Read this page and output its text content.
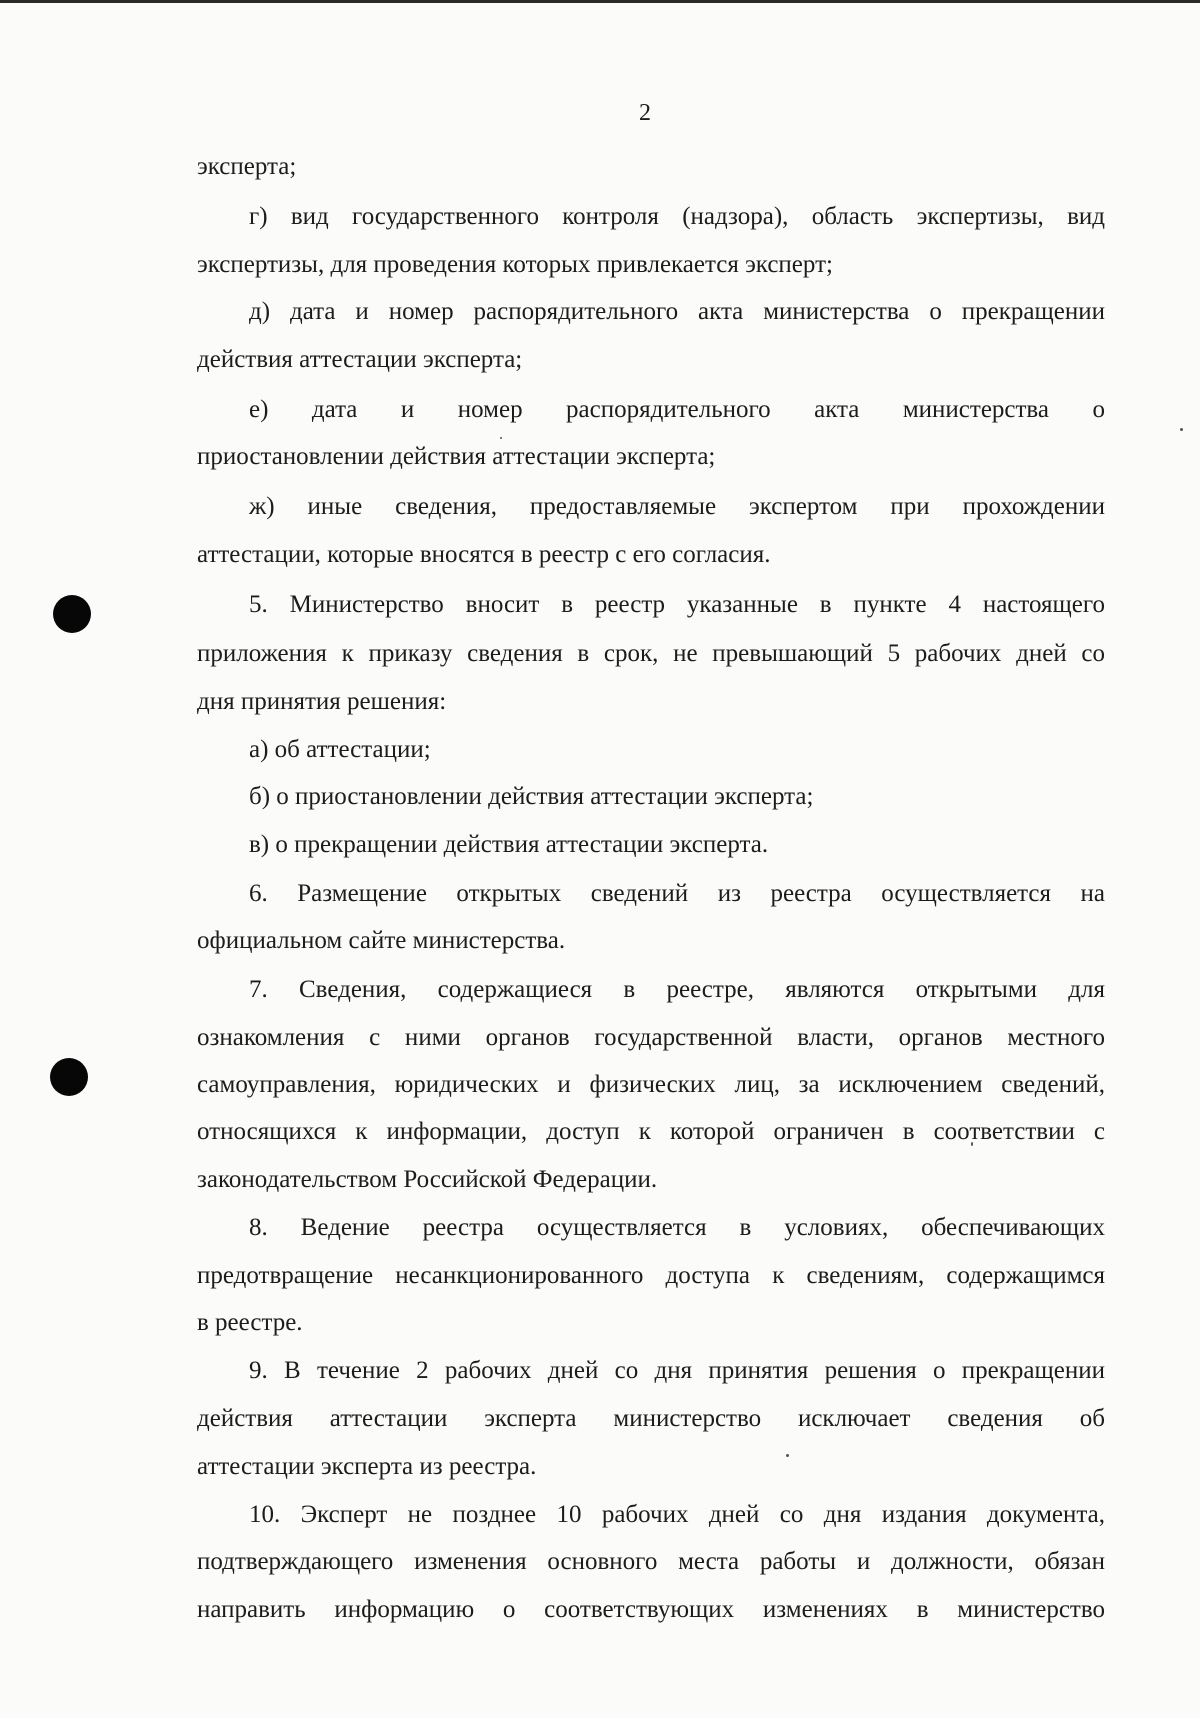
2
эксперта;
г) вид государственного контроля (надзора), область экспертизы, вид
экспертизы, для проведения которых привлекается эксперт;
д) дата и номер распорядительного акта министерства о прекращении
действия аттестации эксперта;
е) дата и номер распорядительного акта министерства о
приостановлении действия аттестации эксперта;
ж) иные сведения, предоставляемые экспертом при прохождении
аттестации, которые вносятся в реестр с его согласия.
5. Министерство вносит в реестр указанные в пункте 4 настоящего
приложения к приказу сведения в срок, не превышающий 5 рабочих дней со
дня принятия решения:
а) об аттестации;
б) о приостановлении действия аттестации эксперта;
в) о прекращении действия аттестации эксперта.
6. Размещение открытых сведений из реестра осуществляется на
официальном сайте министерства.
7. Сведения, содержащиеся в реестре, являются открытыми для
ознакомления с ними органов государственной власти, органов местного
самоуправления, юридических и физических лиц, за исключением сведений,
относящихся к информации, доступ к которой ограничен в соответствии с
законодательством Российской Федерации.
8. Ведение реестра осуществляется в условиях, обеспечивающих
предотвращение несанкционированного доступа к сведениям, содержащимся
в реестре.
9. В течение 2 рабочих дней со дня принятия решения о прекращении
действия аттестации эксперта министерство исключает сведения об
аттестации эксперта из реестра.
10. Эксперт не позднее 10 рабочих дней со дня издания документа,
подтверждающего изменения основного места работы и должности, обязан
направить информацию о соответствующих изменениях в министерство
